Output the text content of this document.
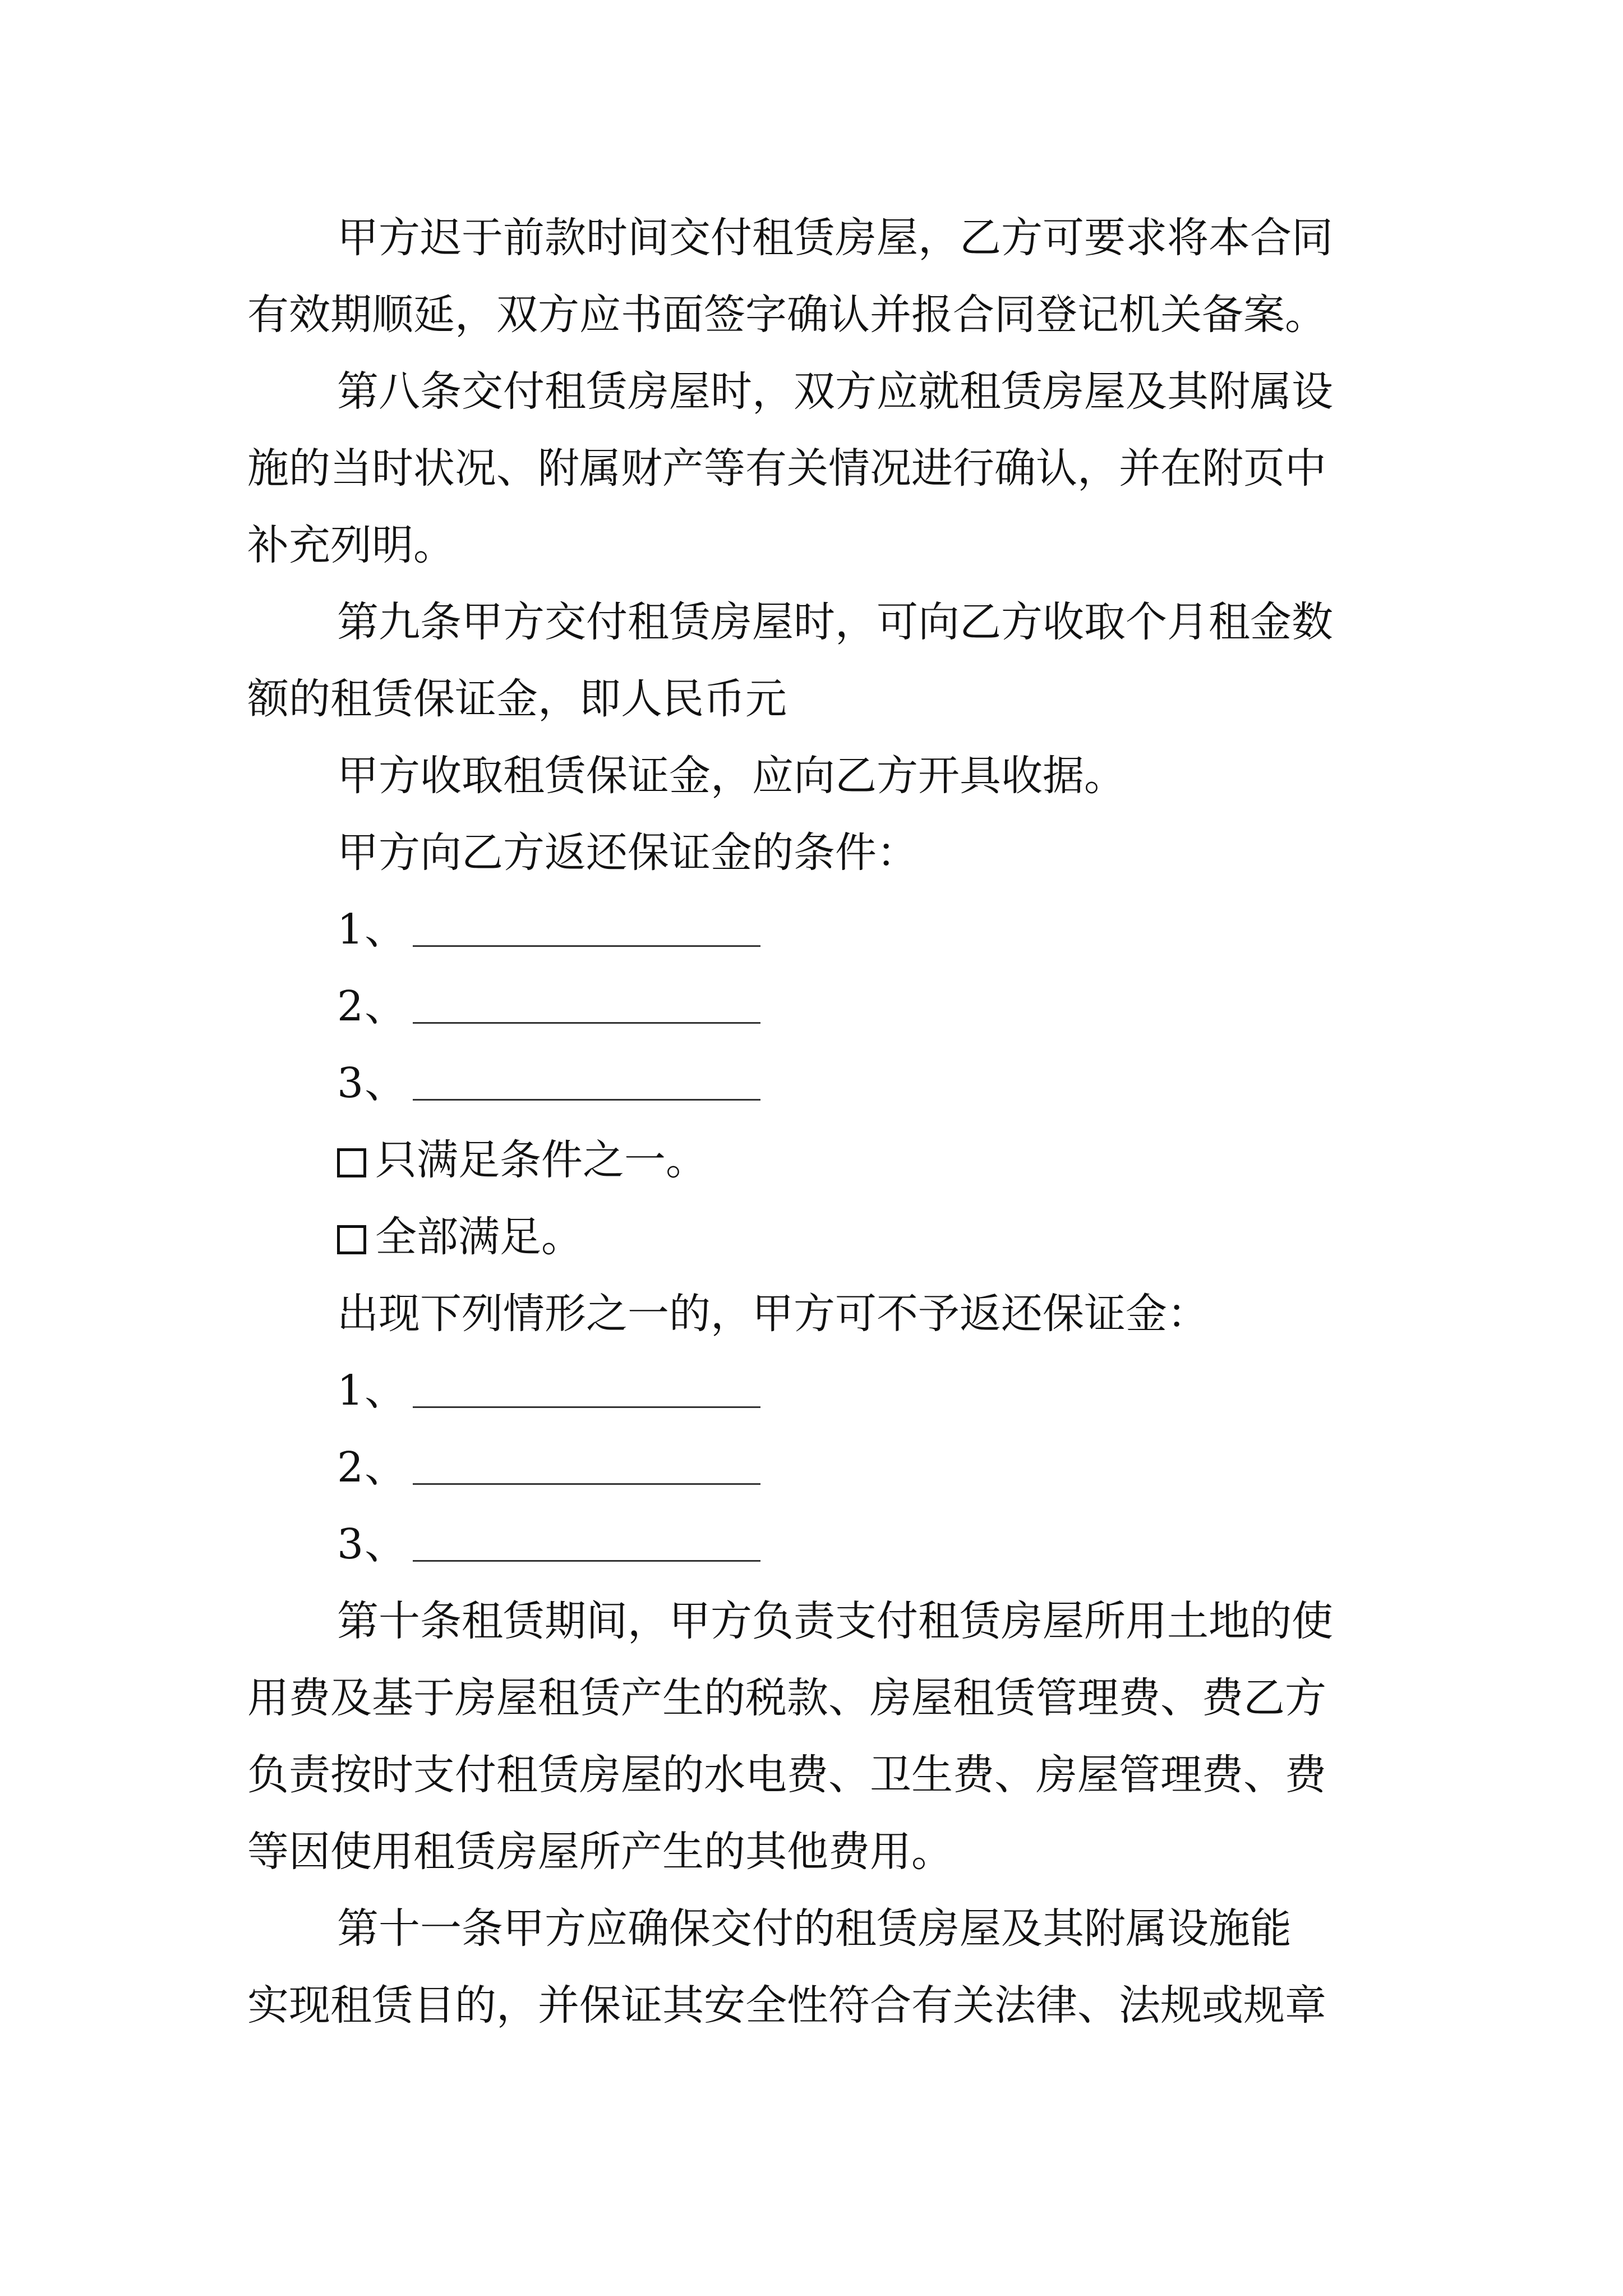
甲方迟于前款时间交付租赁房屋，乙方可要求将本合同
有效期顺延，双方应书面签字确认并报合同登记机关备案。
第八条交付租赁房屋时，双方应就租赁房屋及其附属设
施的当时状况、附属财产等有关情况进行确认，并在附页中
补充列明。
第九条甲方交付租赁房屋时，可向乙方收取个月租金数
额的租赁保证金，即人民币元
甲方收取租赁保证金，应向乙方开具收据。
甲方向乙方返还保证金的条件：
1、
2、
3、
只满足条件之一。
全部满足。
出现下列情形之一的，甲方可不予返还保证金：
1、
2、
3、
第十条租赁期间，甲方负责支付租赁房屋所用土地的使
用费及基于房屋租赁产生的税款、房屋租赁管理费、费乙方
负责按时支付租赁房屋的水电费、卫生费、房屋管理费、费
等因使用租赁房屋所产生的其他费用。
第十一条甲方应确保交付的租赁房屋及其附属设施能
实现租赁目的，并保证其安全性符合有关法律、法规或规章
